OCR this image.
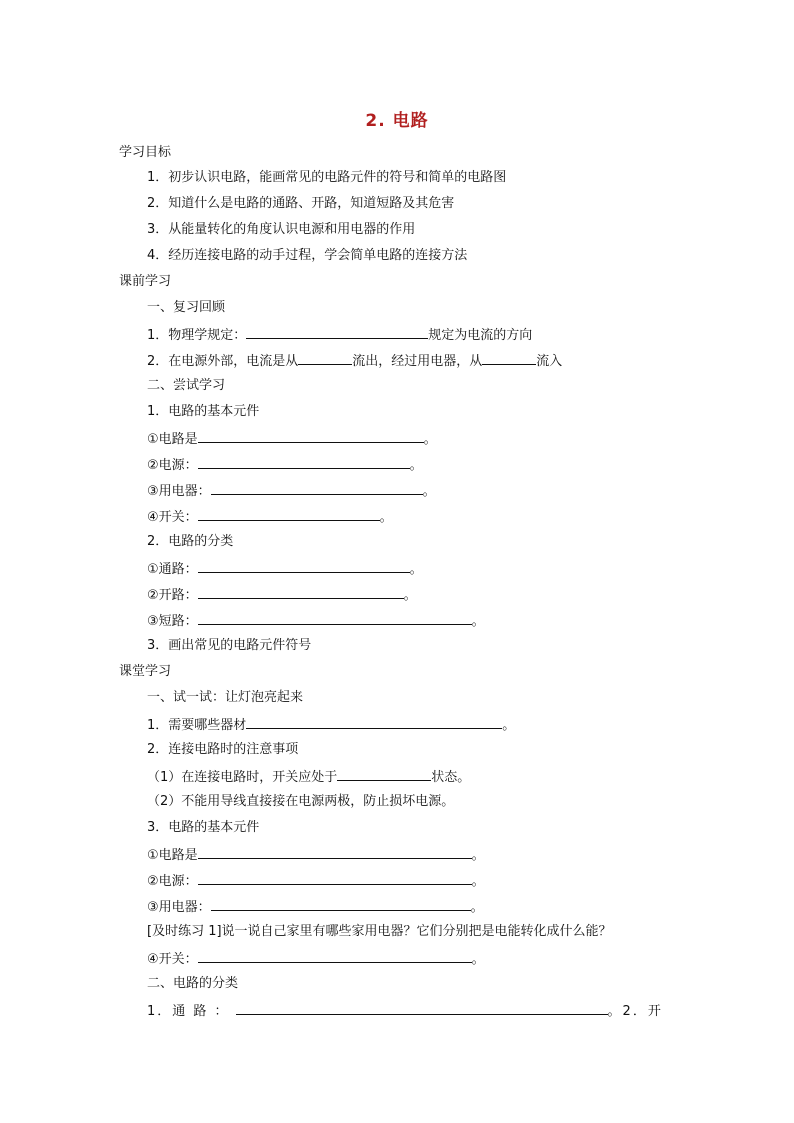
2. 电路
学习目标
1．初步认识电路，能画常见的电路元件的符号和简单的电路图
2．知道什么是电路的通路、开路，知道短路及其危害
3．从能量转化的角度认识电源和用电器的作用
4．经历连接电路的动手过程，学会简单电路的连接方法
课前学习
一、复习回顾
1．物理学规定：	规定为电流的方向
2．在电源外部，电流是从	流出，经过用电器，从	流入
二、尝试学习
1．电路的基本元件
①电路是	。
②电源：	。
③用电器：	。
④开关：	。
2．电路的分类
①通路：	。
②开路：	。
③短路：	。
3．画出常见的电路元件符号
课堂学习
一、试一试：让灯泡亮起来
1．需要哪些器材	。
2．连接电路时的注意事项
（1）在连接电路时，开关应处于	状态。
（2）不能用导线直接接在电源两极，防止损坏电源。
3．电路的基本元件
①电路是	。
②电源：	。
③用电器：	。
[及时练习 1]说一说自己家里有哪些家用电器？它们分别把是电能转化成什么能？
④开关：	。
二、电路的分类
1．通 路 ：	。2．开
